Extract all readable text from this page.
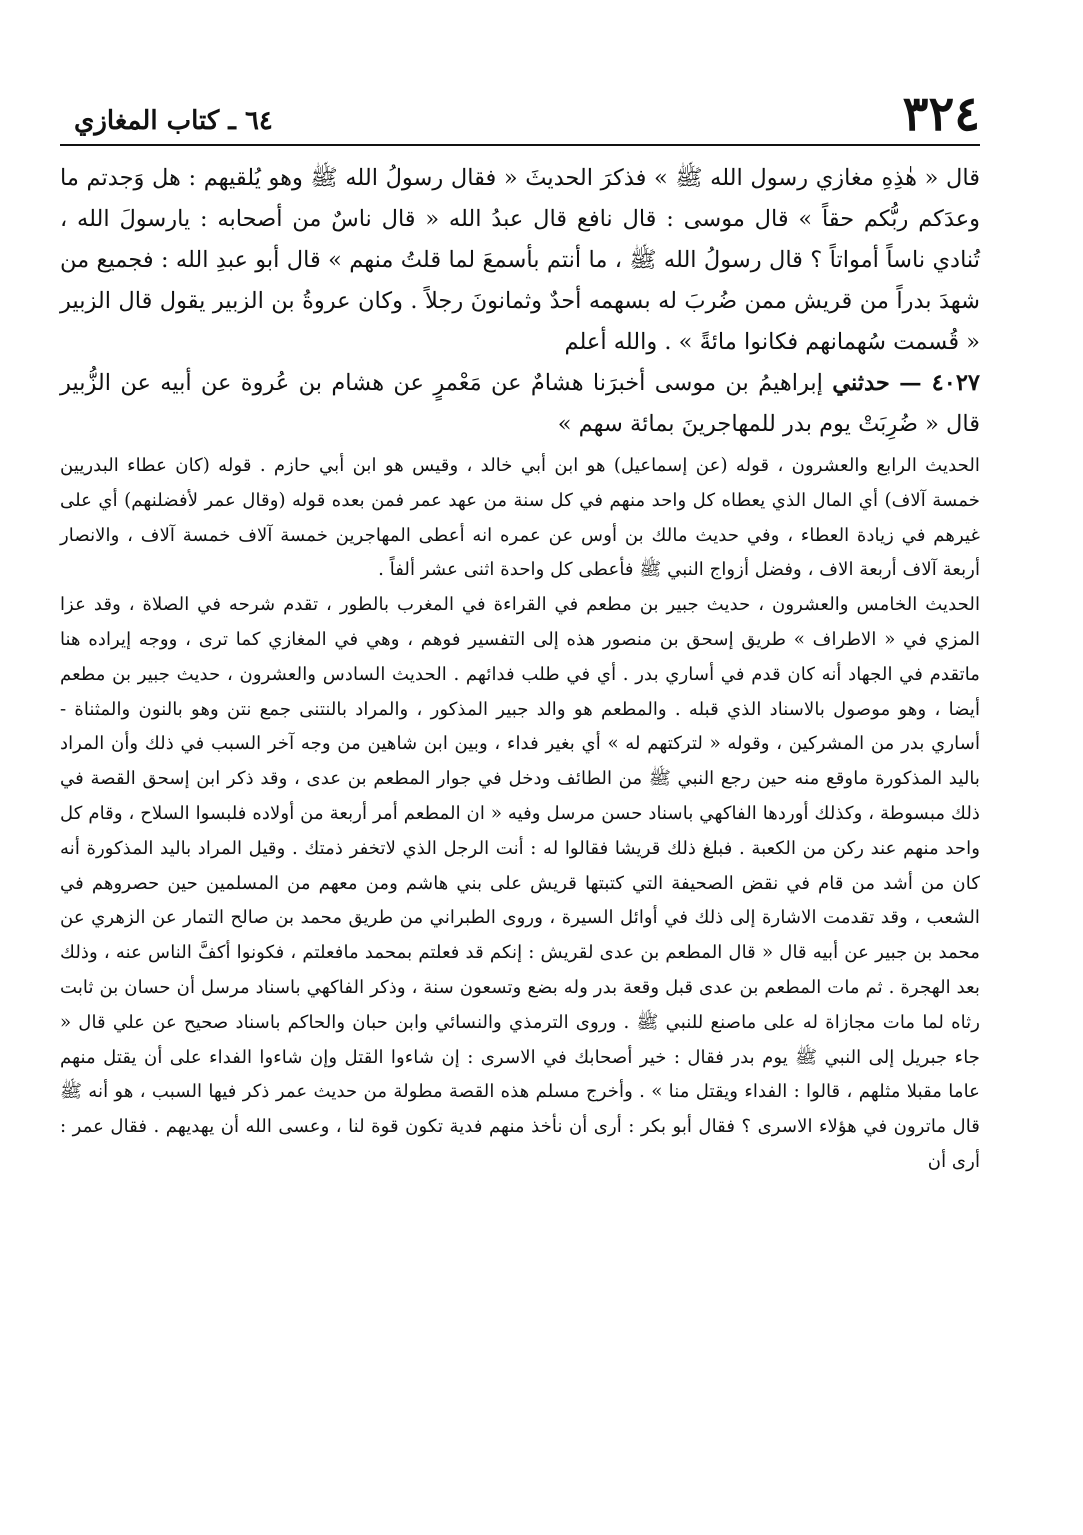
٣٢٤
٦٤ ـ كتاب المغازي

قال « هٰذِهِ مغازي رسول الله ﷺ » فذكرَ الحديثَ « فقال رسولُ الله ﷺ وهو يُلقيهم : هل وَجدتم ما وعدَكم ربُّكم حقاً » قال موسى : قال نافع قال عبدُ الله « قال ناسٌ من أصحابه : يارسولَ الله ، تُنادي ناساً أمواتاً ؟ قال رسولُ الله ﷺ ، ما أنتم بأسمعَ لما قلتُ منهم » قال أبو عبدِ الله : فجميع من شهدَ بدراً من قريش ممن ضُربَ له بسهمه أحدٌ وثمانونَ رجلاً . وكان عروةُ بن الزبير يقول قال الزبير « قُسمت سُهمانهم فكانوا مائةً » . والله أعلم

٤٠٢٧ — حدثني إبراهيمُ بن موسى أخبرَنا هشامٌ عن مَعْمرٍ عن هشام بن عُروة عن أبيه عن الزُّبير قال « ضُرِبَتْ يوم بدر للمهاجرينَ بمائة سهم »

الحديث الرابع والعشرون ، قوله (عن إسماعيل) هو ابن أبي خالد ، وقيس هو ابن أبي حازم . قوله (كان عطاء البدريين خمسة آلاف) أي المال الذي يعطاه كل واحد منهم في كل سنة من عهد عمر فمن بعده قوله (وقال عمر لأفضلنهم) أي على غيرهم في زيادة العطاء ، وفي حديث مالك بن أوس عن عمره انه أعطى المهاجرين خمسة آلاف خمسة آلاف ، والانصار أربعة آلاف أربعة الاف ، وفضل أزواج النبي ﷺ فأعطى كل واحدة اثنى عشر ألفاً .

الحديث الخامس والعشرون ، حديث جبير بن مطعم في القراءة في المغرب بالطور ، تقدم شرحه في الصلاة ، وقد عزا المزي في « الاطراف » طريق إسحق بن منصور هذه إلى التفسير فوهم ، وهي في المغازي كما ترى ، ووجه إيراده هنا ماتقدم في الجهاد أنه كان قدم في أساري بدر . أي في طلب فدائهم . الحديث السادس والعشرون ، حديث جبير بن مطعم أيضا ، وهو موصول بالاسناد الذي قبله . والمطعم هو والد جبير المذكور ، والمراد بالنتنى جمع نتن وهو بالنون والمثناة - أساري بدر من المشركين ، وقوله « لتركتهم له » أي بغير فداء ، وبين ابن شاهين من وجه آخر السبب في ذلك وأن المراد باليد المذكورة ماوقع منه حين رجع النبي ﷺ من الطائف ودخل في جوار المطعم بن عدى ، وقد ذكر ابن إسحق القصة في ذلك مبسوطة ، وكذلك أوردها الفاكهي باسناد حسن مرسل وفيه « ان المطعم أمر أربعة من أولاده فلبسوا السلاح ، وقام كل واحد منهم عند ركن من الكعبة . فبلغ ذلك قريشا فقالوا له : أنت الرجل الذي لاتخفر ذمتك . وقيل المراد باليد المذكورة أنه كان من أشد من قام في نقض الصحيفة التي كتبتها قريش على بني هاشم ومن معهم من المسلمين حين حصروهم في الشعب ، وقد تقدمت الاشارة إلى ذلك في أوائل السيرة ، وروى الطبراني من طريق محمد بن صالح التمار عن الزهري عن محمد بن جبير عن أبيه قال « قال المطعم بن عدى لقريش : إنكم قد فعلتم بمحمد مافعلتم ، فكونوا أكفَّ الناس عنه ، وذلك بعد الهجرة . ثم مات المطعم بن عدى قبل وقعة بدر وله بضع وتسعون سنة ، وذكر الفاكهي باسناد مرسل أن حسان بن ثابت رثاه لما مات مجازاة له على ماصنع للنبي ﷺ . وروى الترمذي والنسائي وابن حبان والحاكم باسناد صحيح عن علي قال « جاء جبريل إلى النبي ﷺ يوم بدر فقال : خير أصحابك في الاسرى : إن شاءوا القتل وإن شاءوا الفداء على أن يقتل منهم عاما مقبلا مثلهم ، قالوا : الفداء ويقتل منا » . وأخرج مسلم هذه القصة مطولة من حديث عمر ذكر فيها السبب ، هو أنه ﷺ قال ماترون في هؤلاء الاسرى ؟ فقال أبو بكر : أرى أن نأخذ منهم فدية تكون قوة لنا ، وعسى الله أن يهديهم . فقال عمر : أرى أن
